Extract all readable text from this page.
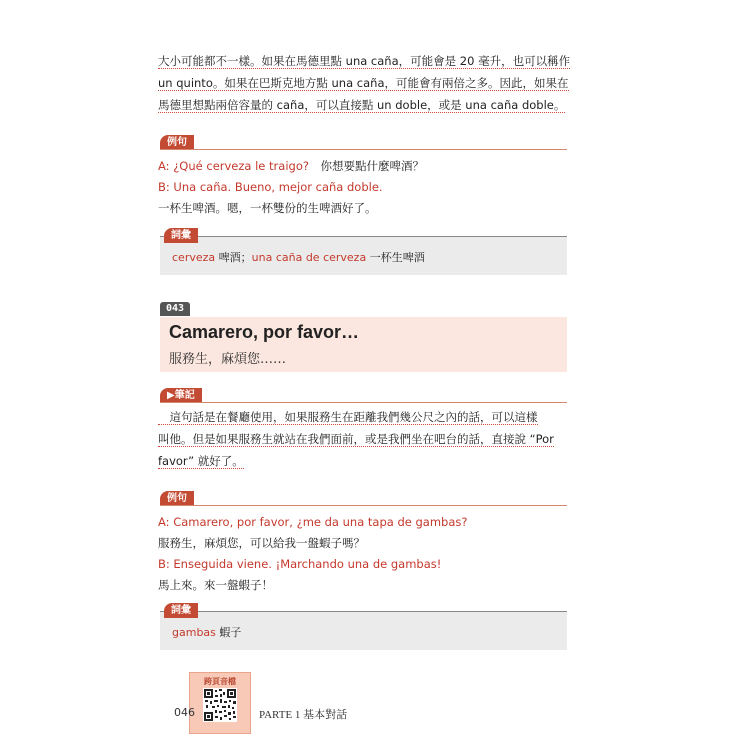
大小可能都不一樣。如果在馬德里點 una caña，可能會是 20 毫升，也可以稱作
un quinto。如果在巴斯克地方點 una caña，可能會有兩倍之多。因此，如果在
馬德里想點兩倍容量的 caña，可以直接點 un doble，或是 una caña doble。
例句
A: ¿Qué cerveza le traigo?　 你想要點什麼啤酒？
B: Una caña. Bueno, mejor caña doble.
一杯生啤酒。嗯，一杯雙份的生啤酒好了。
cerveza 啤酒；una caña de cerveza 一杯生啤酒
詞彙
043
Camarero, por favor…
服務生，麻煩您……
▶筆記
　這句話是在餐廳使用，如果服務生在距離我們幾公尺之內的話，可以這樣
叫他。但是如果服務生就站在我們面前，或是我們坐在吧台的話，直接說 “Por
favor” 就好了。
例句
A: Camarero, por favor, ¿me da una tapa de gambas?
服務生，麻煩您，可以給我一盤蝦子嗎？
B: Enseguida viene. ¡Marchando una de gambas!
馬上來。來一盤蝦子！
gambas 蝦子
詞彙
跨頁音檔
046	PARTE 1 基本對話
